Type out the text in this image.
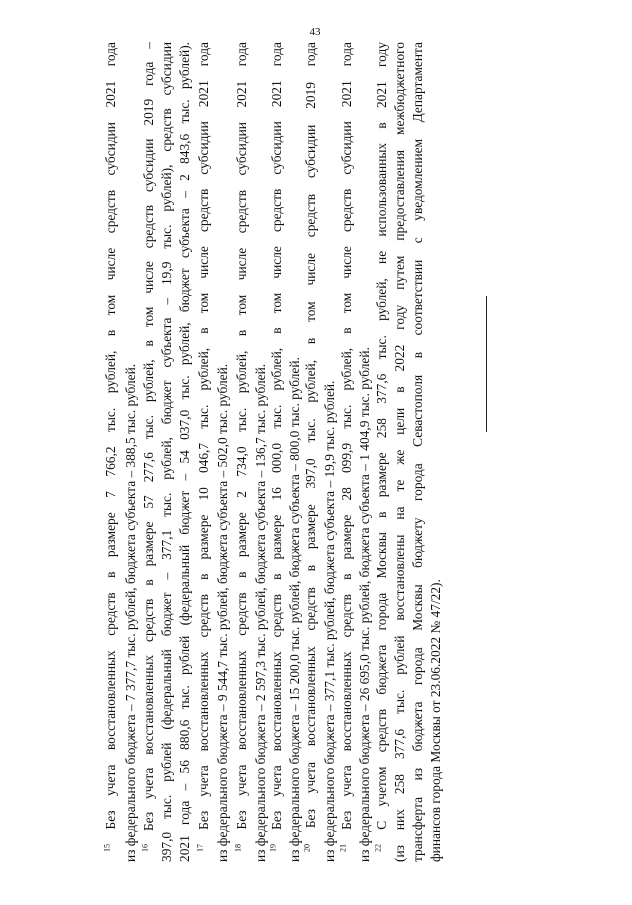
43
$^{15}$ Без учета восстановленных средств в размере 7 766,2 тыс. рублей, в том числе средств субсидии 2021 года из федерального бюджета – 7 377,7 тыс. рублей, бюджета субъекта – 388,5 тыс. рублей. $^{16}$ Без учета восстановленных средств в размере 57 277,6 тыс. рублей, в том числе средств субсидии 2019 года – 397,0 тыс. рублей (федеральный бюджет – 377,1 тыс. рублей, бюджет субъекта – 19,9 тыс. рублей), средств субсидии 2021 года – 56 880,6 тыс. рублей (федеральный бюджет – 54 037,0 тыс. рублей, бюджет субъекта – 2 843,6 тыс. рублей). $^{17}$ Без учета восстановленных средств в размере 10 046,7 тыс. рублей, в том числе средств субсидии 2021 года из федерального бюджета – 9 544,7 тыс. рублей, бюджета субъекта – 502,0 тыс. рублей. $^{18}$ Без учета восстановленных средств в размере 2 734,0 тыс. рублей, в том числе средств субсидии 2021 года из федерального бюджета – 2 597,3 тыс. рублей, бюджета субъекта – 136,7 тыс. рублей. $^{19}$ Без учета восстановленных средств в размере 16 000,0 тыс. рублей, в том числе средств субсидии 2021 года из федерального бюджета – 15 200,0 тыс. рублей, бюджета субъекта – 800,0 тыс. рублей. $^{20}$ Без учета восстановленных средств в размере 397,0 тыс. рублей, в том числе средств субсидии 2019 года из федерального бюджета – 377,1 тыс. рублей, бюджета субъекта – 19,9 тыс. рублей. $^{21}$ Без учета восстановленных средств в размере 28 099,9 тыс. рублей, в том числе средств субсидии 2021 года из федерального бюджета – 26 695,0 тыс. рублей, бюджета субъекта – 1 404,9 тыс. рублей. $^{22}$ С учетом средств бюджета города Москвы в размере 258 377,6 тыс. рублей, не использованных в 2021 году (из них 258 377,6 тыс. рублей восстановлены на те же цели в 2022 году путем предоставления межбюджетного трансферта из бюджета города Москвы бюджету города Севастополя в соответствии с уведомлением Департамента финансов города Москвы от 23.06.2022 № 47/22).
